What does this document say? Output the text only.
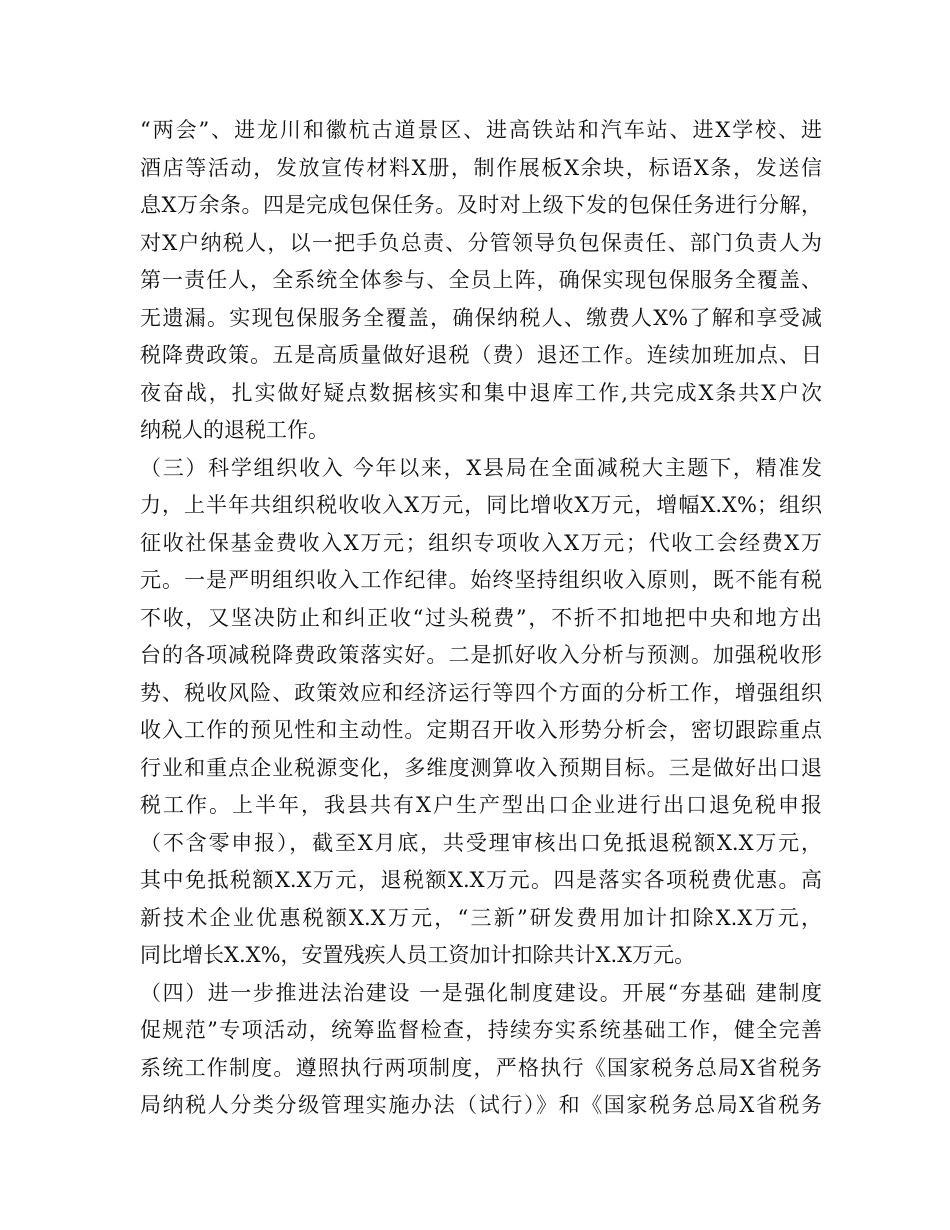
“两会”、进龙川和徽杭古道景区、进高铁站和汽车站、进X学校、进
酒店等活动，发放宣传材料X册，制作展板X余块，标语X条，发送信
息X万余条。四是完成包保任务。及时对上级下发的包保任务进行分解，
对X户纳税人，以一把手负总责、分管领导负包保责任、部门负责人为
第一责任人，全系统全体参与、全员上阵，确保实现包保服务全覆盖、
无遗漏。实现包保服务全覆盖，确保纳税人、缴费人X%了解和享受减
税降费政策。五是高质量做好退税（费）退还工作。连续加班加点、日
夜奋战，扎实做好疑点数据核实和集中退库工作,共完成X条共X户次
纳税人的退税工作。
（三）科学组织收入 今年以来，X县局在全面减税大主题下，精准发
力，上半年共组织税收收入X万元，同比增收X万元，增幅X.X%；组织
征收社保基金费收入X万元；组织专项收入X万元；代收工会经费X万
元。一是严明组织收入工作纪律。始终坚持组织收入原则，既不能有税
不收，又坚决防止和纠正收“过头税费”，不折不扣地把中央和地方出
台的各项减税降费政策落实好。二是抓好收入分析与预测。加强税收形
势、税收风险、政策效应和经济运行等四个方面的分析工作，增强组织
收入工作的预见性和主动性。定期召开收入形势分析会，密切跟踪重点
行业和重点企业税源变化，多维度测算收入预期目标。三是做好出口退
税工作。上半年，我县共有X户生产型出口企业进行出口退免税申报
（不含零申报），截至X月底，共受理审核出口免抵退税额X.X万元，
其中免抵税额X.X万元，退税额X.X万元。四是落实各项税费优惠。高
新技术企业优惠税额X.X万元，“三新”研发费用加计扣除X.X万元，
同比增长X.X%，安置残疾人员工资加计扣除共计X.X万元。
（四）进一步推进法治建设 一是强化制度建设。开展“夯基础 建制度
促规范”专项活动，统筹监督检查，持续夯实系统基础工作，健全完善
系统工作制度。遵照执行两项制度，严格执行《国家税务总局X省税务
局纳税人分类分级管理实施办法（试行）》和《国家税务总局X省税务
